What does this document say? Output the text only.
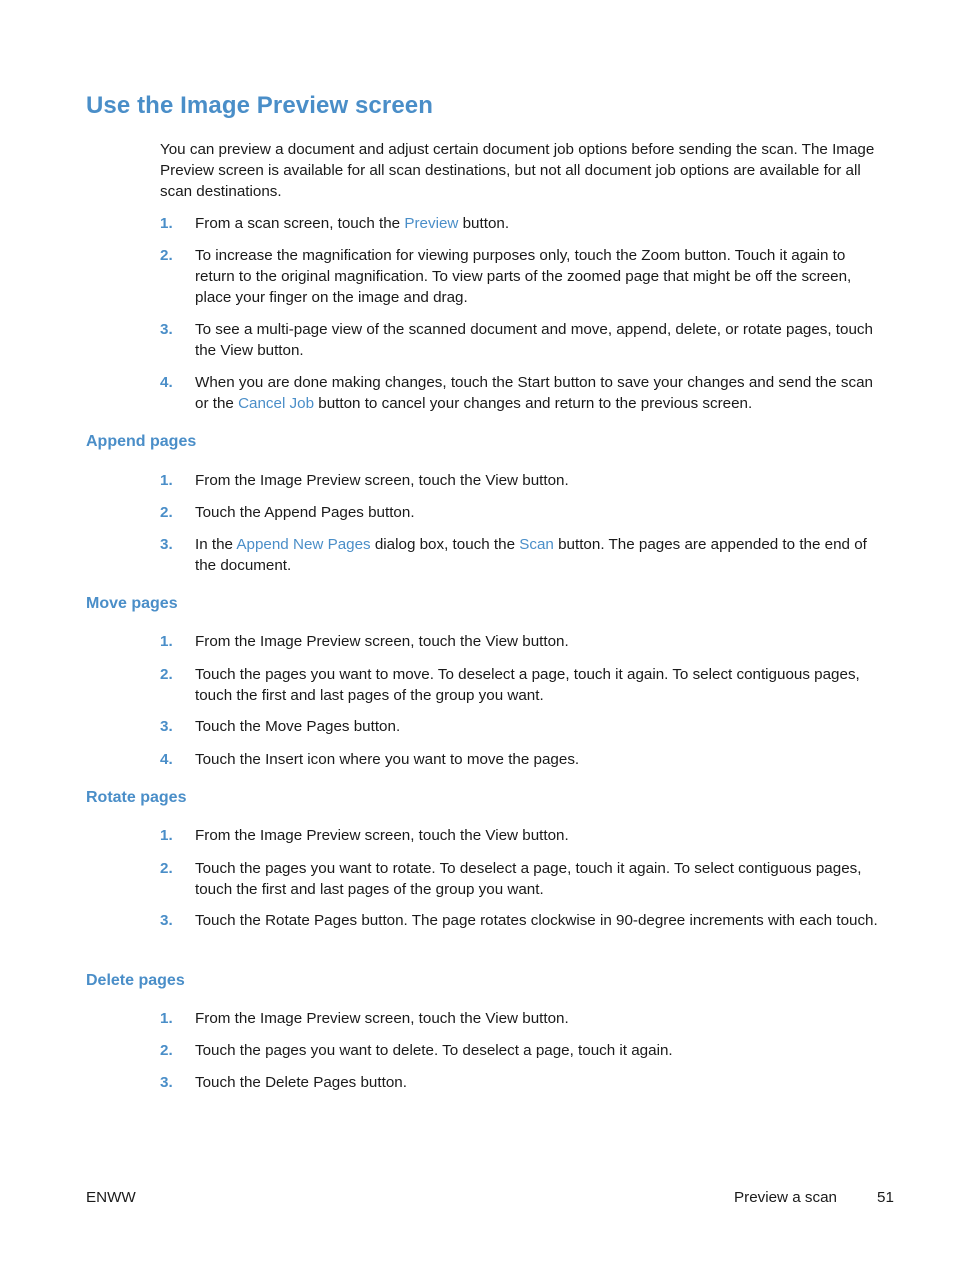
Use the Image Preview screen

You can preview a document and adjust certain document job options before sending the scan. The Image Preview screen is available for all scan destinations, but not all document job options are available for all scan destinations.

1. From a scan screen, touch the Preview button.
2. To increase the magnification for viewing purposes only, touch the Zoom button. Touch it again to return to the original magnification. To view parts of the zoomed page that might be off the screen, place your finger on the image and drag.
3. To see a multi-page view of the scanned document and move, append, delete, or rotate pages, touch the View button.
4. When you are done making changes, touch the Start button to save your changes and send the scan or the Cancel Job button to cancel your changes and return to the previous screen.
Append pages
1. From the Image Preview screen, touch the View button.
2. Touch the Append Pages button.
3. In the Append New Pages dialog box, touch the Scan button. The pages are appended to the end of the document.
Move pages
1. From the Image Preview screen, touch the View button.
2. Touch the pages you want to move. To deselect a page, touch it again. To select contiguous pages, touch the first and last pages of the group you want.
3. Touch the Move Pages button.
4. Touch the Insert icon where you want to move the pages.
Rotate pages
1. From the Image Preview screen, touch the View button.
2. Touch the pages you want to rotate. To deselect a page, touch it again. To select contiguous pages, touch the first and last pages of the group you want.
3. Touch the Rotate Pages button. The page rotates clockwise in 90-degree increments with each touch.
Delete pages
1. From the Image Preview screen, touch the View button.
2. Touch the pages you want to delete. To deselect a page, touch it again.
3. Touch the Delete Pages button.
ENWW	Preview a scan	51
